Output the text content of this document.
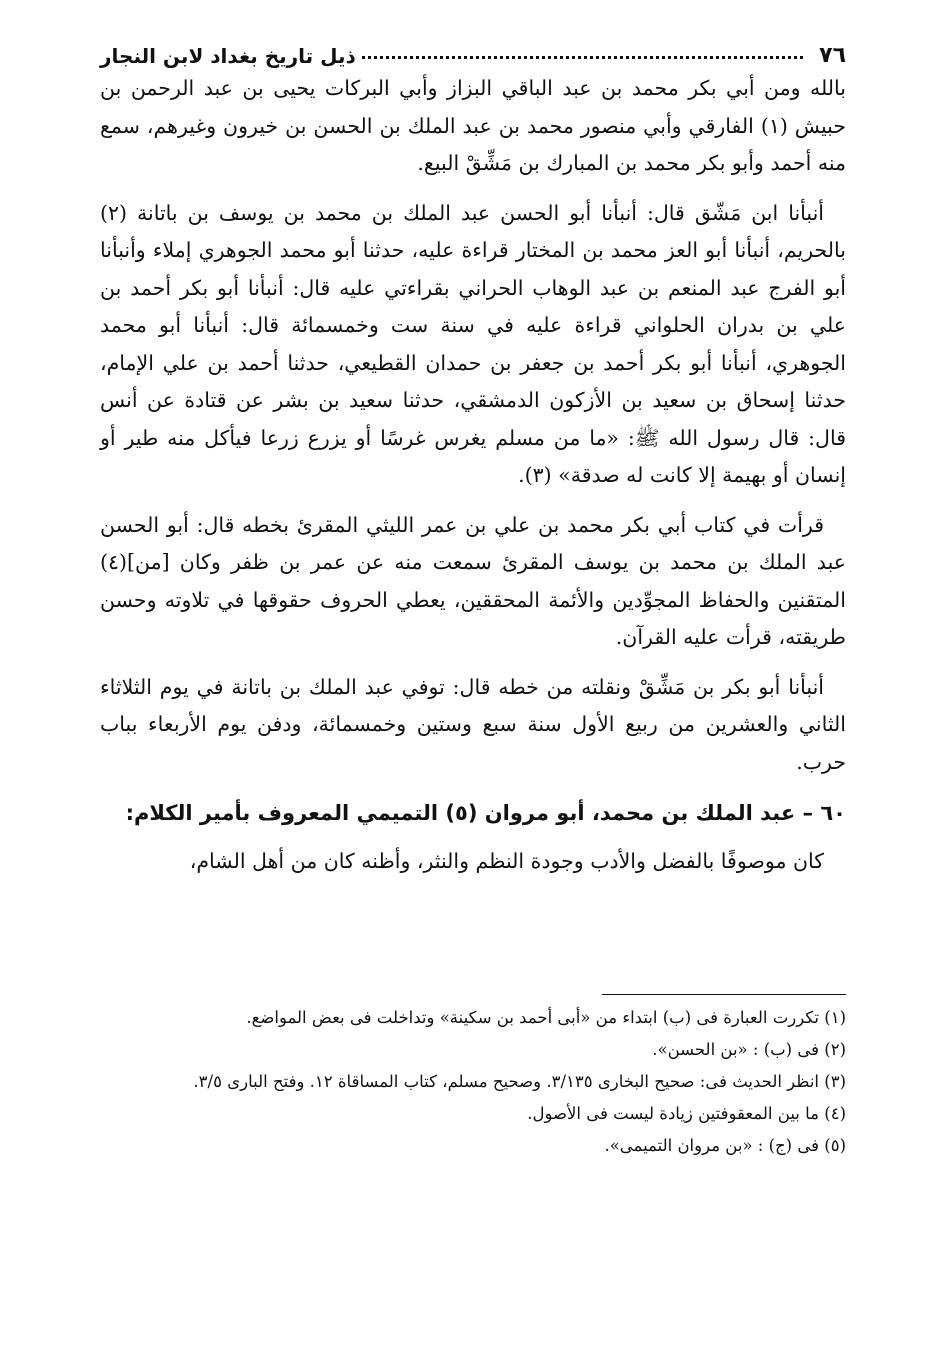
٧٦
ذيل تاريخ بغداد لابن النجار

بالله ومن أبي بكر محمد بن عبد الباقي البزاز وأبي البركات يحيى بن عبد الرحمن بن حبيش (١) الفارقي وأبي منصور محمد بن عبد الملك بن الحسن بن خيرون وغيرهم، سمع منه أحمد وأبو بكر محمد بن المبارك بن مَشِّقْ البيع.

أنبأنا ابن مَشّق قال: أنبأنا أبو الحسن عبد الملك بن محمد بن يوسف بن باتانة (٢) بالحريم، أنبأنا أبو العز محمد بن المختار قراءة عليه، حدثنا أبو محمد الجوهري إملاء وأنبأنا أبو الفرج عبد المنعم بن عبد الوهاب الحراني بقراءتي عليه قال: أنبأنا أبو بكر أحمد بن علي بن بدران الحلواني قراءة عليه في سنة ست وخمسمائة قال: أنبأنا أبو محمد الجوهري، أنبأنا أبو بكر أحمد بن جعفر بن حمدان القطيعي، حدثنا أحمد بن علي الإمام، حدثنا إسحاق بن سعيد بن الأزكون الدمشقي، حدثنا سعيد بن بشر عن قتادة عن أنس قال: قال رسول الله ﷺ: «ما من مسلم يغرس غرسًا أو يزرع زرعا فيأكل منه طير أو إنسان أو بهيمة إلا كانت له صدقة» (٣).

قرأت في كتاب أبي بكر محمد بن علي بن عمر الليثي المقرئ بخطه قال: أبو الحسن عبد الملك بن محمد بن يوسف المقرئ سمعت منه عن عمر بن ظفر وكان [من](٤) المتقنين والحفاظ المجوِّدين والأئمة المحققين، يعطي الحروف حقوقها في تلاوته وحسن طريقته، قرأت عليه القرآن.

أنبأنا أبو بكر بن مَشِّقْ ونقلته من خطه قال: توفي عبد الملك بن باتانة في يوم الثلاثاء الثاني والعشرين من ربيع الأول سنة سبع وستين وخمسمائة، ودفن يوم الأربعاء بباب حرب.

٦٠ – عبد الملك بن محمد، أبو مروان (٥) التميمي المعروف بأمير الكلام:

كان موصوفًا بالفضل والأدب وجودة النظم والنثر، وأظنه كان من أهل الشام،

(١) تكررت العبارة فى (ب) ابتداء من «أبى أحمد بن سكينة» وتداخلت فى بعض المواضع.
(٢) فى (ب) : «بن الحسن».
(٣) انظر الحديث فى: صحيح البخارى ٣/١٣٥. وصحيح مسلم، كتاب المساقاة ١٢. وفتح البارى ٣/٥.
(٤) ما بين المعقوفتين زيادة ليست فى الأصول.
(٥) فى (ج) : «بن مروان التميمى».
